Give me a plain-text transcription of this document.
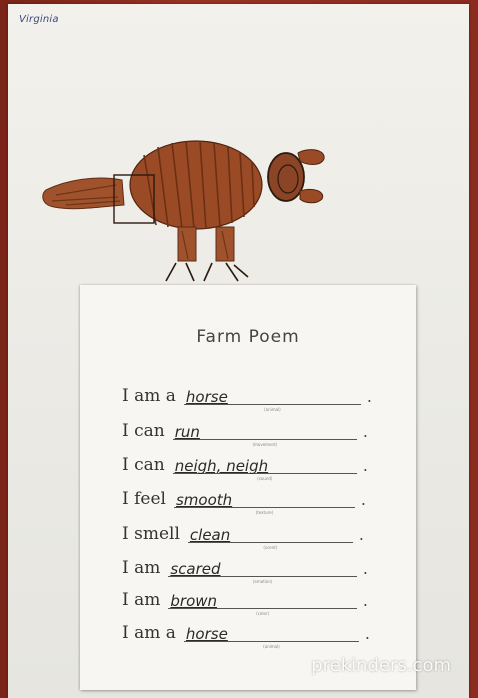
Virginia
Farm Poem
I am a horse
(animal)
.
I can run
(movement)
.
I can neigh, neigh
(sound)
.
I feel smooth
(texture)
.
I smell clean
(scent)
.
I am scared
(emotion)
.
I am brown
(color)
.
I am a horse
(animal)
.
prekinders.com
